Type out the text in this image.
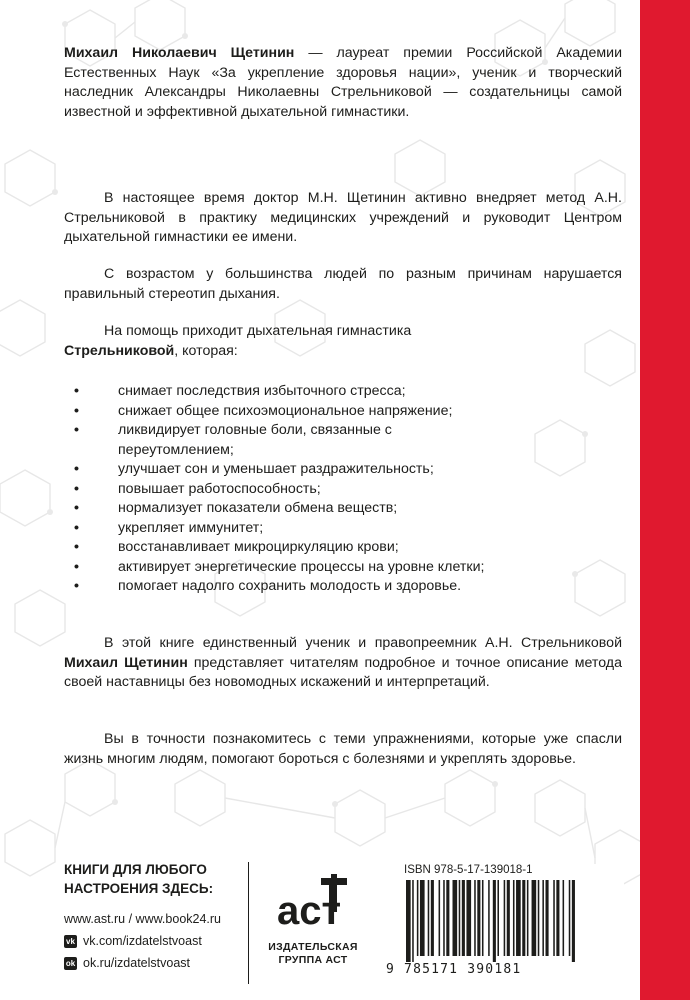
Михаил Николаевич Щетинин — лауреат премии Российской Академии Естественных Наук «За укрепление здоровья нации», ученик и творческий наследник Александры Николаевны Стрельниковой — создательницы самой известной и эффективной дыхательной гимнастики.
В настоящее время доктор М.Н. Щетинин активно внедряет метод А.Н. Стрельниковой в практику медицинских учреждений и руководит Центром дыхательной гимнастики ее имени.
С возрастом у большинства людей по разным причинам нарушается правильный стереотип дыхания.
На помощь приходит дыхательная гимнастика
Стрельниковой, которая:
•	снимает последствия избыточного стресса;
•	снижает общее психоэмоциональное напряжение;
•	ликвидирует головные боли, связанные с переутомлением;
•	улучшает сон и уменьшает раздражительность;
•	повышает работоспособность;
•	нормализует показатели обмена веществ;
•	укрепляет иммунитет;
•	восстанавливает микроциркуляцию крови;
•	активирует энергетические процессы на уровне клетки;
•	помогает надолго сохранить молодость и здоровье.
В этой книге единственный ученик и правопреемник А.Н. Стрельниковой Михаил Щетинин представляет читателям подробное и точное описание метода своей наставницы без новомодных искажений и интерпретаций.
Вы в точности познакомитесь с теми упражнениями, которые уже спасли жизнь многим людям, помогают бороться с болезнями и укреплять здоровье.
КНИГИ ДЛЯ ЛЮБОГО
НАСТРОЕНИЯ ЗДЕСЬ:
www.ast.ru / www.book24.ru
vk vk.com/izdatelstvoast
ok ok.ru/izdatelstvoast
аст
ИЗДАТЕЛЬСКАЯ
ГРУППА АСТ
ISBN 978-5-17-139018-1
9 785171 390181
